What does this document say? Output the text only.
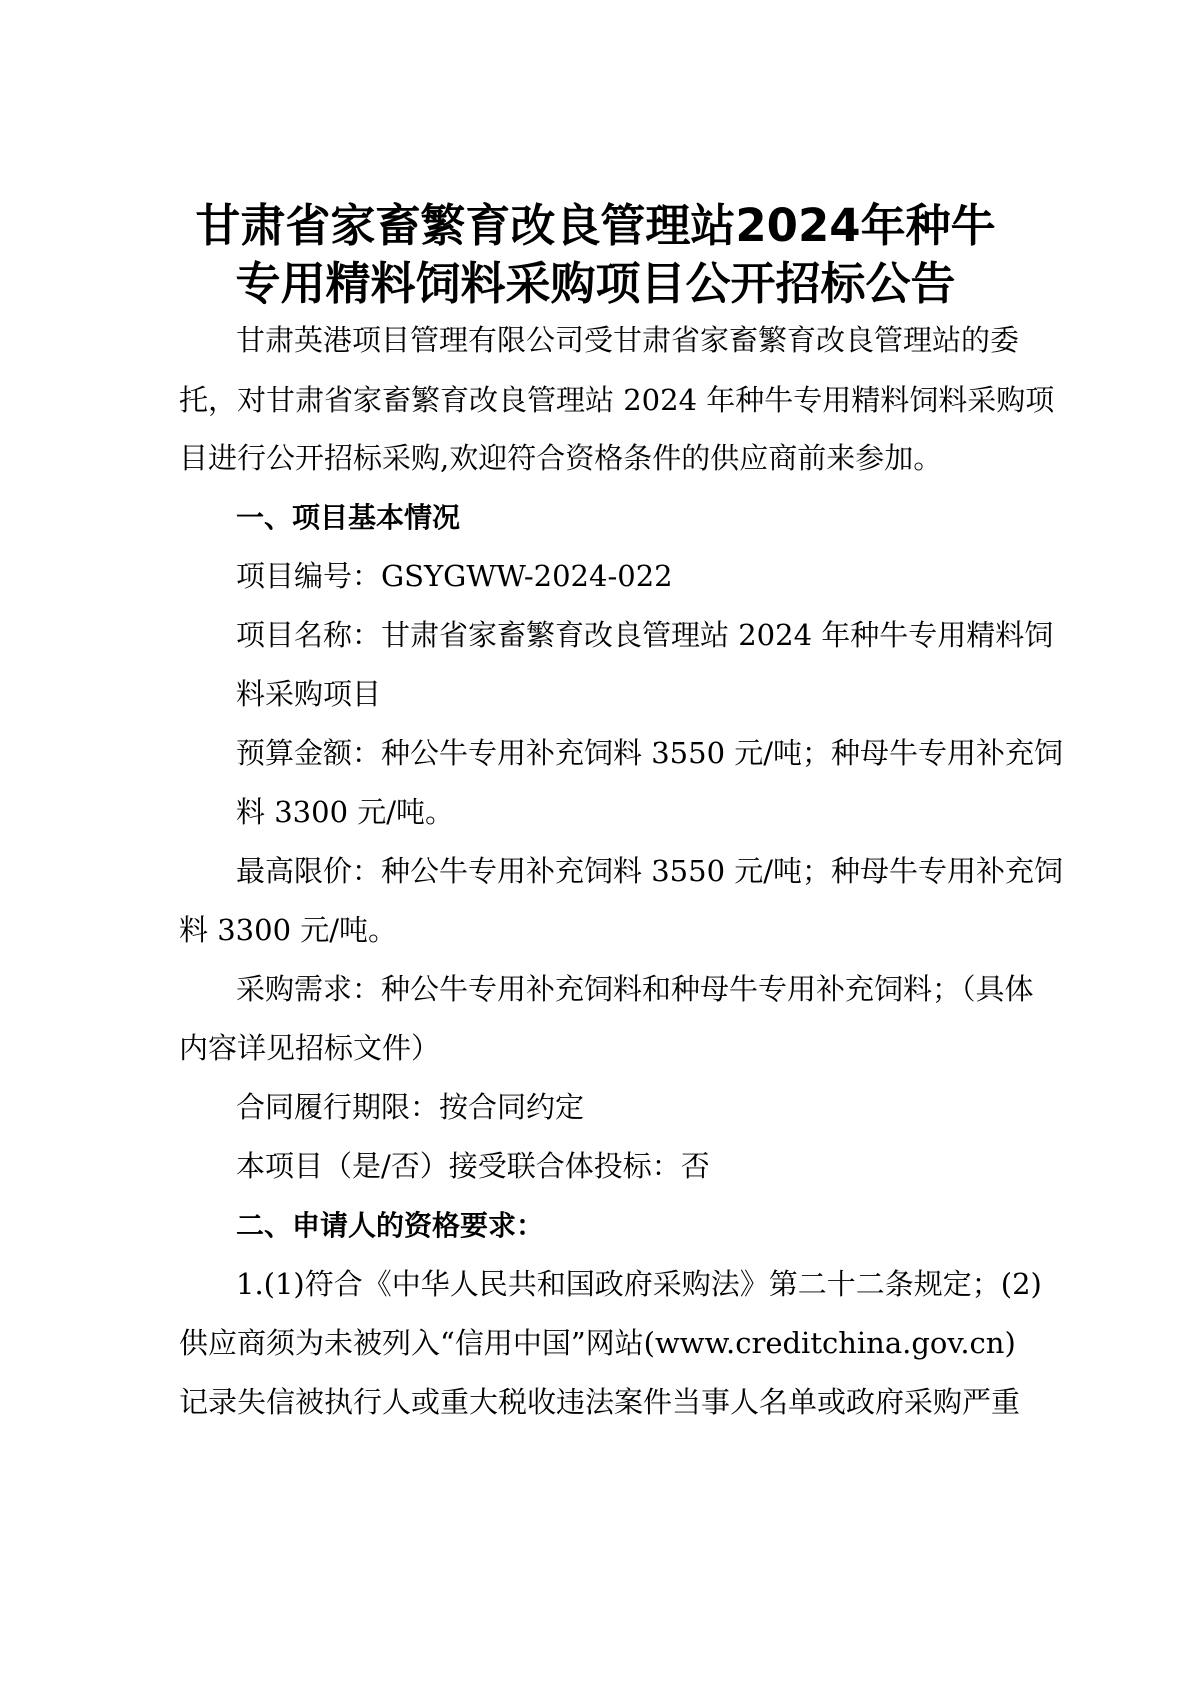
甘肃省家畜繁育改良管理站2024年种牛
专用精料饲料采购项目公开招标公告
甘肃英港项目管理有限公司受甘肃省家畜繁育改良管理站的委
托，对甘肃省家畜繁育改良管理站 2024 年种牛专用精料饲料采购项
目进行公开招标采购,欢迎符合资格条件的供应商前来参加。
一、项目基本情况
项目编号：GSYGWW-2024-022
项目名称：甘肃省家畜繁育改良管理站 2024 年种牛专用精料饲
料采购项目
预算金额：种公牛专用补充饲料 3550 元/吨；种母牛专用补充饲
料 3300 元/吨。
最高限价：种公牛专用补充饲料 3550 元/吨；种母牛专用补充饲
料 3300 元/吨。
采购需求：种公牛专用补充饲料和种母牛专用补充饲料；（具体
内容详见招标文件）
合同履行期限：按合同约定
本项目（是/否）接受联合体投标：否
二、申请人的资格要求：
1.(1)符合《中华人民共和国政府采购法》第二十二条规定；(2)
供应商须为未被列入“信用中国”网站(www.creditchina.gov.cn)
记录失信被执行人或重大税收违法案件当事人名单或政府采购严重
